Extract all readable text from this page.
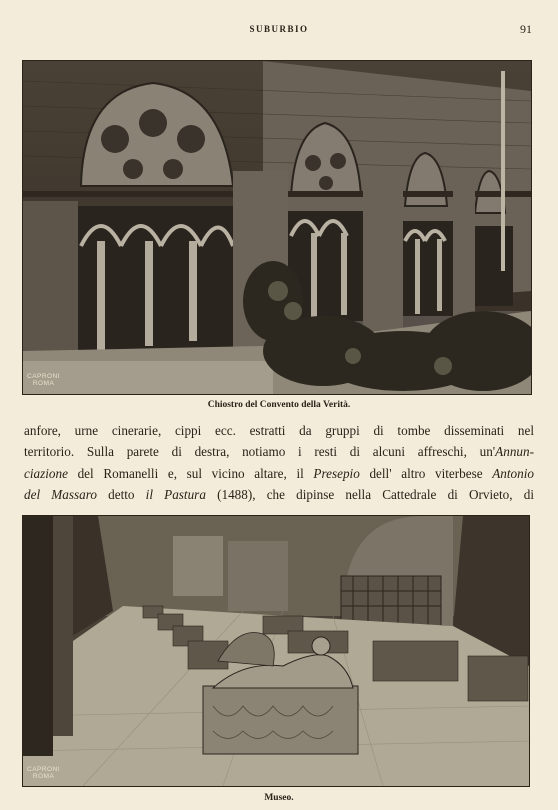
SUBURBIO	91
CAPRONI
ROMA
Chiostro del Convento della Verità.
anfore, urne cinerarie, cippi ecc. estratti da gruppi di tombe disseminati nel
territorio. Sulla parete di destra, notiamo i resti di alcuni affreschi, un'Annun-
ciazione del Romanelli e, sul vicino altare, il Presepio dell' altro viterbese Antonio
del Massaro detto il Pastura (1488), che dipinse nella Cattedrale di Orvieto, di
CAPRONI
ROMA
Museo.
